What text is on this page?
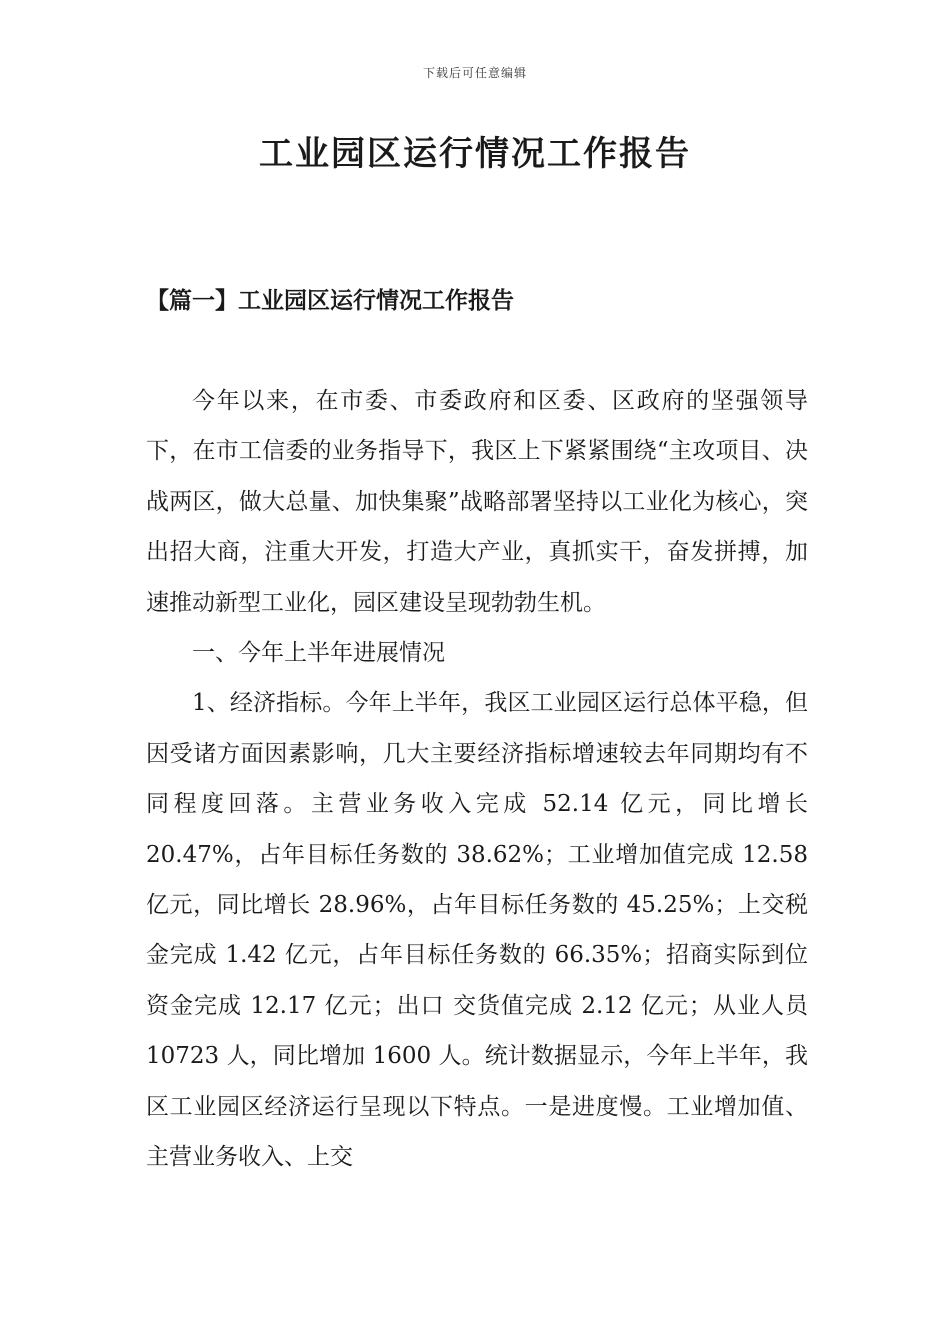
下载后可任意编辑
工业园区运行情况工作报告
【篇一】工业园区运行情况工作报告

今年以来，在市委、市委政府和区委、区政府的坚强领导下，在市工信委的业务指导下，我区上下紧紧围绕“主攻项目、决战两区，做大总量、加快集聚”战略部署坚持以工业化为核心，突出招大商，注重大开发，打造大产业，真抓实干，奋发拼搏，加速推动新型工业化，园区建设呈现勃勃生机。

一、今年上半年进展情况

1、经济指标。今年上半年，我区工业园区运行总体平稳，但因受诸方面因素影响，几大主要经济指标增速较去年同期均有不同程度回落。主营业务收入完成 52.14 亿元，同比增长 20.47%，占年目标任务数的 38.62%；工业增加值完成 12.58 亿元，同比增长 28.96%，占年目标任务数的 45.25%；上交税金完成 1.42 亿元，占年目标任务数的 66.35%；招商实际到位资金完成 12.17 亿元；出口 交货值完成 2.12 亿元；从业人员 10723 人，同比增加 1600 人。统计数据显示，今年上半年，我区工业园区经济运行呈现以下特点。一是进度慢。工业增加值、主营业务收入、上交
